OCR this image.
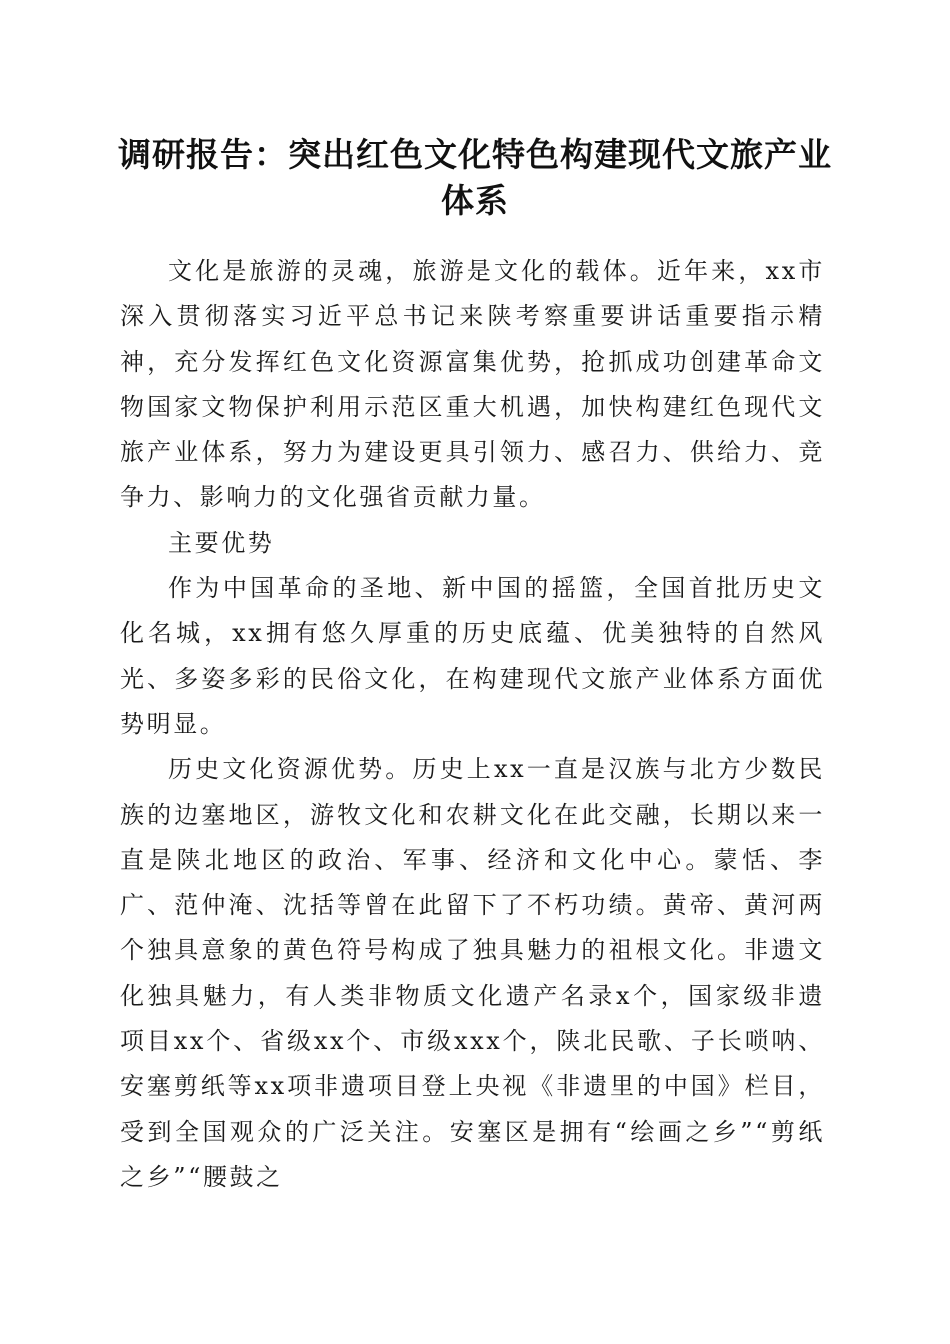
调研报告：突出红色文化特色构建现代文旅产业体系

文化是旅游的灵魂，旅游是文化的载体。近年来，xx市深入贯彻落实习近平总书记来陕考察重要讲话重要指示精神，充分发挥红色文化资源富集优势，抢抓成功创建革命文物国家文物保护利用示范区重大机遇，加快构建红色现代文旅产业体系，努力为建设更具引领力、感召力、供给力、竞争力、影响力的文化强省贡献力量。

主要优势

作为中国革命的圣地、新中国的摇篮，全国首批历史文化名城，xx拥有悠久厚重的历史底蕴、优美独特的自然风光、多姿多彩的民俗文化，在构建现代文旅产业体系方面优势明显。

历史文化资源优势。历史上xx一直是汉族与北方少数民族的边塞地区，游牧文化和农耕文化在此交融，长期以来一直是陕北地区的政治、军事、经济和文化中心。蒙恬、李广、范仲淹、沈括等曾在此留下了不朽功绩。黄帝、黄河两个独具意象的黄色符号构成了独具魅力的祖根文化。非遗文化独具魅力，有人类非物质文化遗产名录x个，国家级非遗项目xx个、省级xx个、市级xxx个，陕北民歌、子长唢呐、安塞剪纸等xx项非遗项目登上央视《非遗里的中国》栏目，受到全国观众的广泛关注。安塞区是拥有“绘画之乡”“剪纸之乡”“腰鼓之
